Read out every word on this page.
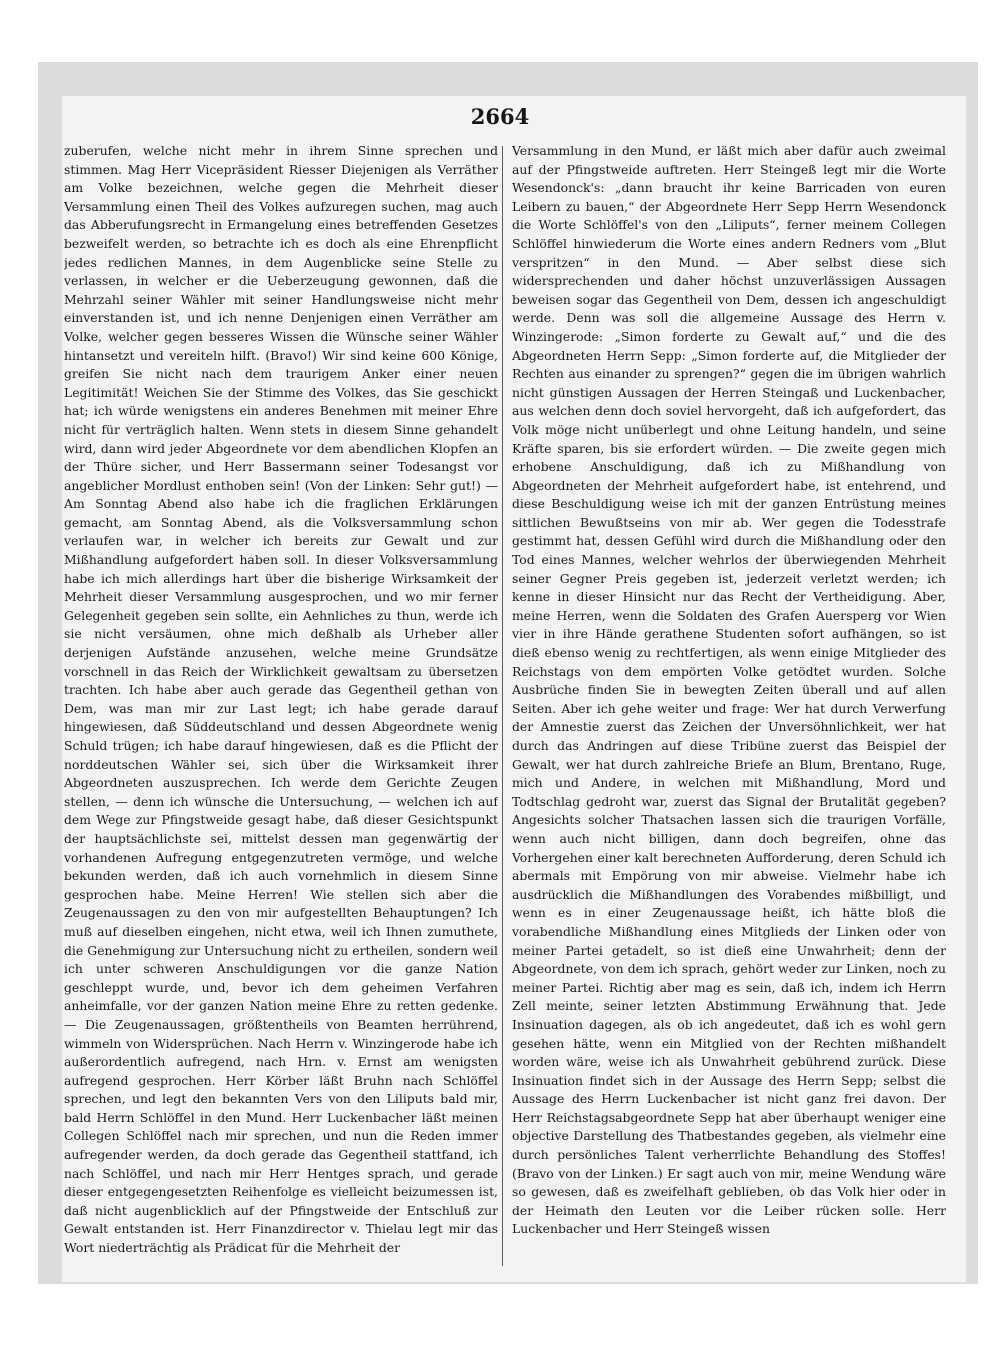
2664

zuberufen, welche nicht mehr in ihrem Sinne sprechen und stimmen. Mag Herr Vicepräsident Riesser Diejenigen als Verräther am Volke bezeichnen, welche gegen die Mehrheit dieser Versammlung einen Theil des Volkes aufzuregen suchen, mag auch das Abberufungsrecht in Ermangelung eines betreffenden Gesetzes bezweifelt werden, so betrachte ich es doch als eine Ehrenpflicht jedes redlichen Mannes, in dem Augenblicke seine Stelle zu verlassen, in welcher er die Ueberzeugung gewonnen, daß die Mehrzahl seiner Wähler mit seiner Handlungsweise nicht mehr einverstanden ist, und ich nenne Denjenigen einen Verräther am Volke, welcher gegen besseres Wissen die Wünsche seiner Wähler hintansetzt und vereiteln hilft. (Bravo!) Wir sind keine 600 Könige, greifen Sie nicht nach dem traurigem Anker einer neuen Legitimität! Weichen Sie der Stimme des Volkes, das Sie geschickt hat; ich würde wenigstens ein anderes Benehmen mit meiner Ehre nicht für verträglich halten. Wenn stets in diesem Sinne gehandelt wird, dann wird jeder Abgeordnete vor dem abendlichen Klopfen an der Thüre sicher, und Herr Bassermann seiner Todesangst vor angeblicher Mordlust enthoben sein! (Von der Linken: Sehr gut!) — Am Sonntag Abend also habe ich die fraglichen Erklärungen gemacht, am Sonntag Abend, als die Volksversammlung schon verlaufen war, in welcher ich bereits zur Gewalt und zur Mißhandlung aufgefordert haben soll. In dieser Volksversammlung habe ich mich allerdings hart über die bisherige Wirksamkeit der Mehrheit dieser Versammlung ausgesprochen, und wo mir ferner Gelegenheit gegeben sein sollte, ein Aehnliches zu thun, werde ich sie nicht versäumen, ohne mich deßhalb als Urheber aller derjenigen Aufstände anzusehen, welche meine Grundsätze vorschnell in das Reich der Wirklichkeit gewaltsam zu übersetzen trachten. Ich habe aber auch gerade das Gegentheil gethan von Dem, was man mir zur Last legt; ich habe gerade darauf hingewiesen, daß Süddeutschland und dessen Abgeordnete wenig Schuld trügen; ich habe darauf hingewiesen, daß es die Pflicht der norddeutschen Wähler sei, sich über die Wirksamkeit ihrer Abgeordneten auszusprechen. Ich werde dem Gerichte Zeugen stellen, — denn ich wünsche die Untersuchung, — welchen ich auf dem Wege zur Pfingstweide gesagt habe, daß dieser Gesichtspunkt der hauptsächlichste sei, mittelst dessen man gegenwärtig der vorhandenen Aufregung entgegenzutreten vermöge, und welche bekunden werden, daß ich auch vornehmlich in diesem Sinne gesprochen habe. Meine Herren! Wie stellen sich aber die Zeugenaussagen zu den von mir aufgestellten Behauptungen? Ich muß auf dieselben eingehen, nicht etwa, weil ich Ihnen zumuthete, die Genehmigung zur Untersuchung nicht zu ertheilen, sondern weil ich unter schweren Anschuldigungen vor die ganze Nation geschleppt wurde, und, bevor ich dem geheimen Verfahren anheimfalle, vor der ganzen Nation meine Ehre zu retten gedenke. — Die Zeugenaussagen, größtentheils von Beamten herrührend, wimmeln von Widersprüchen. Nach Herrn v. Winzingerode habe ich außerordentlich aufregend, nach Hrn. v. Ernst am wenigsten aufregend gesprochen. Herr Körber läßt Bruhn nach Schlöffel sprechen, und legt den bekannten Vers von den Liliputs bald mir, bald Herrn Schlöffel in den Mund. Herr Luckenbacher läßt meinen Collegen Schlöffel nach mir sprechen, und nun die Reden immer aufregender werden, da doch gerade das Gegentheil stattfand, ich nach Schlöffel, und nach mir Herr Hentges sprach, und gerade dieser entgegengesetzten Reihenfolge es vielleicht beizumessen ist, daß nicht augenblicklich auf der Pfingstweide der Entschluß zur Gewalt entstanden ist. Herr Finanzdirector v. Thielau legt mir das Wort niederträchtig als Prädicat für die Mehrheit der

Versammlung in den Mund, er läßt mich aber dafür auch zweimal auf der Pfingstweide auftreten. Herr Steingeß legt mir die Worte Wesendonck's: „dann braucht ihr keine Barricaden von euren Leibern zu bauen,“ der Abgeordnete Herr Sepp Herrn Wesendonck die Worte Schlöffel's von den „Liliputs“, ferner meinem Collegen Schlöffel hinwiederum die Worte eines andern Redners vom „Blut verspritzen“ in den Mund. — Aber selbst diese sich widersprechenden und daher höchst unzuverlässigen Aussagen beweisen sogar das Gegentheil von Dem, dessen ich angeschuldigt werde. Denn was soll die allgemeine Aussage des Herrn v. Winzingerode: „Simon forderte zu Gewalt auf,“ und die des Abgeordneten Herrn Sepp: „Simon forderte auf, die Mitglieder der Rechten aus einander zu sprengen?“ gegen die im übrigen wahrlich nicht günstigen Aussagen der Herren Steingaß und Luckenbacher, aus welchen denn doch soviel hervorgeht, daß ich aufgefordert, das Volk möge nicht unüberlegt und ohne Leitung handeln, und seine Kräfte sparen, bis sie erfordert würden. — Die zweite gegen mich erhobene Anschuldigung, daß ich zu Mißhandlung von Abgeordneten der Mehrheit aufgefordert habe, ist entehrend, und diese Beschuldigung weise ich mit der ganzen Entrüstung meines sittlichen Bewußtseins von mir ab. Wer gegen die Todesstrafe gestimmt hat, dessen Gefühl wird durch die Mißhandlung oder den Tod eines Mannes, welcher wehrlos der überwiegenden Mehrheit seiner Gegner Preis gegeben ist, jederzeit verletzt werden; ich kenne in dieser Hinsicht nur das Recht der Vertheidigung. Aber, meine Herren, wenn die Soldaten des Grafen Auersperg vor Wien vier in ihre Hände gerathene Studenten sofort aufhängen, so ist dieß ebenso wenig zu rechtfertigen, als wenn einige Mitglieder des Reichstags von dem empörten Volke getödtet wurden. Solche Ausbrüche finden Sie in bewegten Zeiten überall und auf allen Seiten. Aber ich gehe weiter und frage: Wer hat durch Verwerfung der Amnestie zuerst das Zeichen der Unversöhnlichkeit, wer hat durch das Andringen auf diese Tribüne zuerst das Beispiel der Gewalt, wer hat durch zahlreiche Briefe an Blum, Brentano, Ruge, mich und Andere, in welchen mit Mißhandlung, Mord und Todtschlag gedroht war, zuerst das Signal der Brutalität gegeben? Angesichts solcher Thatsachen lassen sich die traurigen Vorfälle, wenn auch nicht billigen, dann doch begreifen, ohne das Vorhergehen einer kalt berechneten Aufforderung, deren Schuld ich abermals mit Empörung von mir abweise. Vielmehr habe ich ausdrücklich die Mißhandlungen des Vorabendes mißbilligt, und wenn es in einer Zeugenaussage heißt, ich hätte bloß die vorabendliche Mißhandlung eines Mitglieds der Linken oder von meiner Partei getadelt, so ist dieß eine Unwahrheit; denn der Abgeordnete, von dem ich sprach, gehört weder zur Linken, noch zu meiner Partei. Richtig aber mag es sein, daß ich, indem ich Herrn Zell meinte, seiner letzten Abstimmung Erwähnung that. Jede Insinuation dagegen, als ob ich angedeutet, daß ich es wohl gern gesehen hätte, wenn ein Mitglied von der Rechten mißhandelt worden wäre, weise ich als Unwahrheit gebührend zurück. Diese Insinuation findet sich in der Aussage des Herrn Sepp; selbst die Aussage des Herrn Luckenbacher ist nicht ganz frei davon. Der Herr Reichstagsabgeordnete Sepp hat aber überhaupt weniger eine objective Darstellung des Thatbestandes gegeben, als vielmehr eine durch persönliches Talent verherrlichte Behandlung des Stoffes! (Bravo von der Linken.) Er sagt auch von mir, meine Wendung wäre so gewesen, daß es zweifelhaft geblieben, ob das Volk hier oder in der Heimath den Leuten vor die Leiber rücken solle. Herr Luckenbacher und Herr Steingeß wissen
